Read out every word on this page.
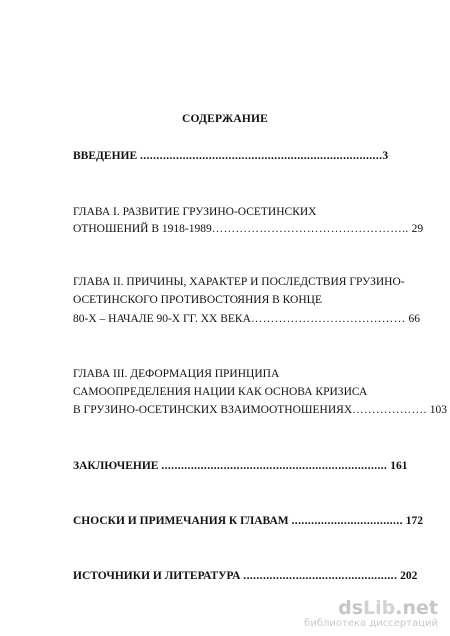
СОДЕРЖАНИЕ
ВВЕДЕНИЕ ..........................................................................3
ГЛАВА I. РАЗВИТИЕ ГРУЗИНО-ОСЕТИНСКИХ
ОТНОШЕНИЙ В 1918-1989………………………………………….. 29
ГЛАВА II. ПРИЧИНЫ, ХАРАКТЕР И ПОСЛЕДСТВИЯ ГРУЗИНО-
ОСЕТИНСКОГО ПРОТИВОСТОЯНИЯ В КОНЦЕ
80-Х – НАЧАЛЕ 90-Х ГГ. ХХ ВЕКА………………………………… 66
ГЛАВА III. ДЕФОРМАЦИЯ ПРИНЦИПА
САМООПРЕДЕЛЕНИЯ НАЦИИ КАК ОСНОВА КРИЗИСА
В ГРУЗИНО-ОСЕТИНСКИХ ВЗАИМООТНОШЕНИЯХ………………. 103
ЗАКЛЮЧЕНИЕ ..................................................................... 161
СНОСКИ И ПРИМЕЧАНИЯ К ГЛАВАМ .................................. 172
ИСТОЧНИКИ И ЛИТЕРАТУРА ............................................... 202
dsLib.net
библиотека диссертаций
